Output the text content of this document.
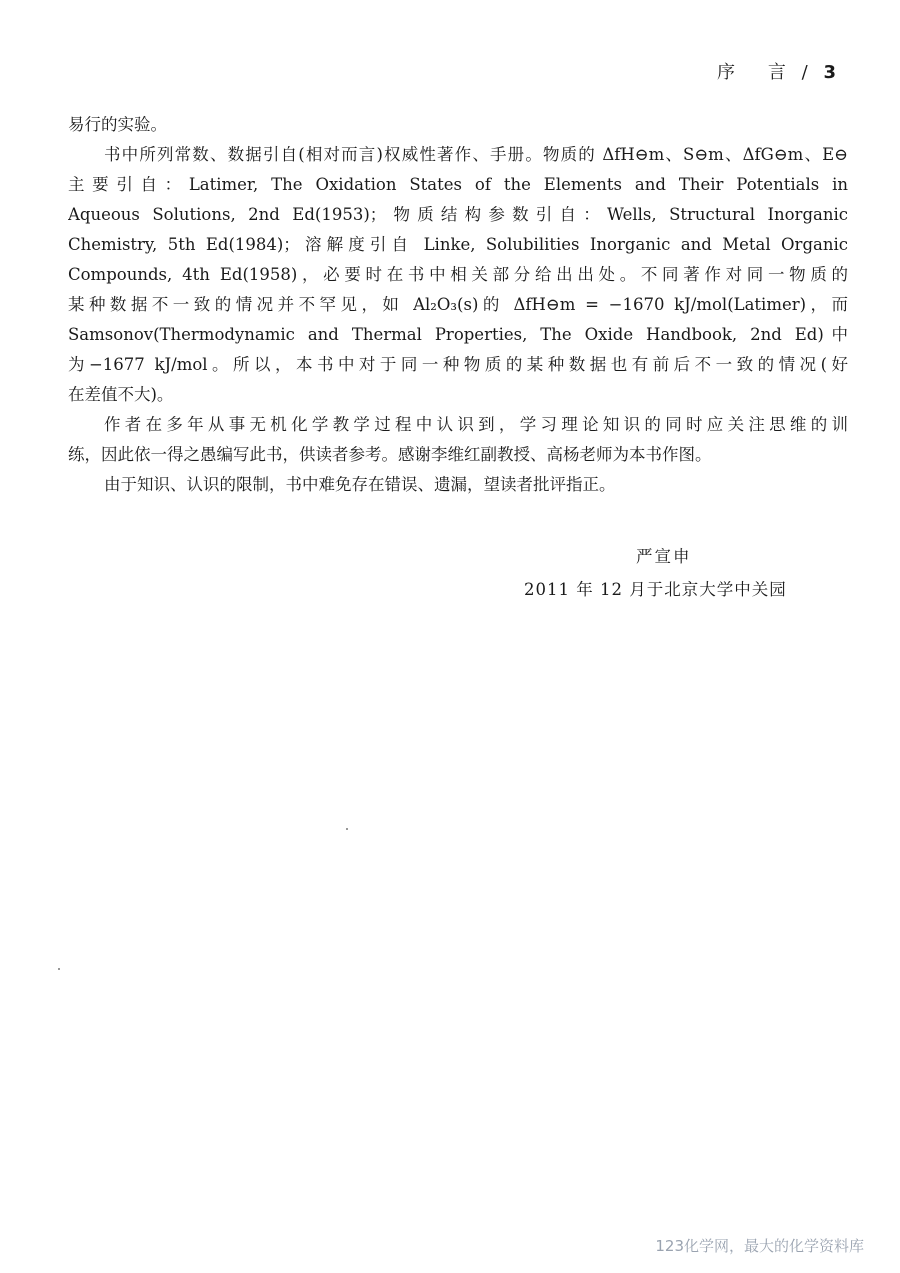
序    言 / 3
易行的实验。
书中所列常数、数据引自(相对而言)权威性著作、手册。物质的 ΔfH⊖m、S⊖m、ΔfG⊖m、E⊖
主要引自：Latimer, The Oxidation States of the Elements and Their Potentials in
Aqueous Solutions, 2nd Ed(1953)；物质结构参数引自：Wells, Structural Inorganic
Chemistry, 5th Ed(1984)；溶解度引自 Linke, Solubilities Inorganic and Metal Organic
Compounds, 4th Ed(1958)，必要时在书中相关部分给出出处。不同著作对同一物质的
某种数据不一致的情况并不罕见，如 Al₂O₃(s)的 ΔfH⊖m = −1670 kJ/mol(Latimer)，而
Samsonov(Thermodynamic and Thermal Properties, The Oxide Handbook, 2nd Ed)中
为−1677 kJ/mol。所以，本书中对于同一种物质的某种数据也有前后不一致的情况(好
在差值不大)。
作者在多年从事无机化学教学过程中认识到，学习理论知识的同时应关注思维的训
练，因此依一得之愚编写此书，供读者参考。感谢李维红副教授、高杨老师为本书作图。
由于知识、认识的限制，书中难免存在错误、遗漏，望读者批评指正。
严宣申
2011 年 12 月于北京大学中关园
123化学网，最大的化学资料库
